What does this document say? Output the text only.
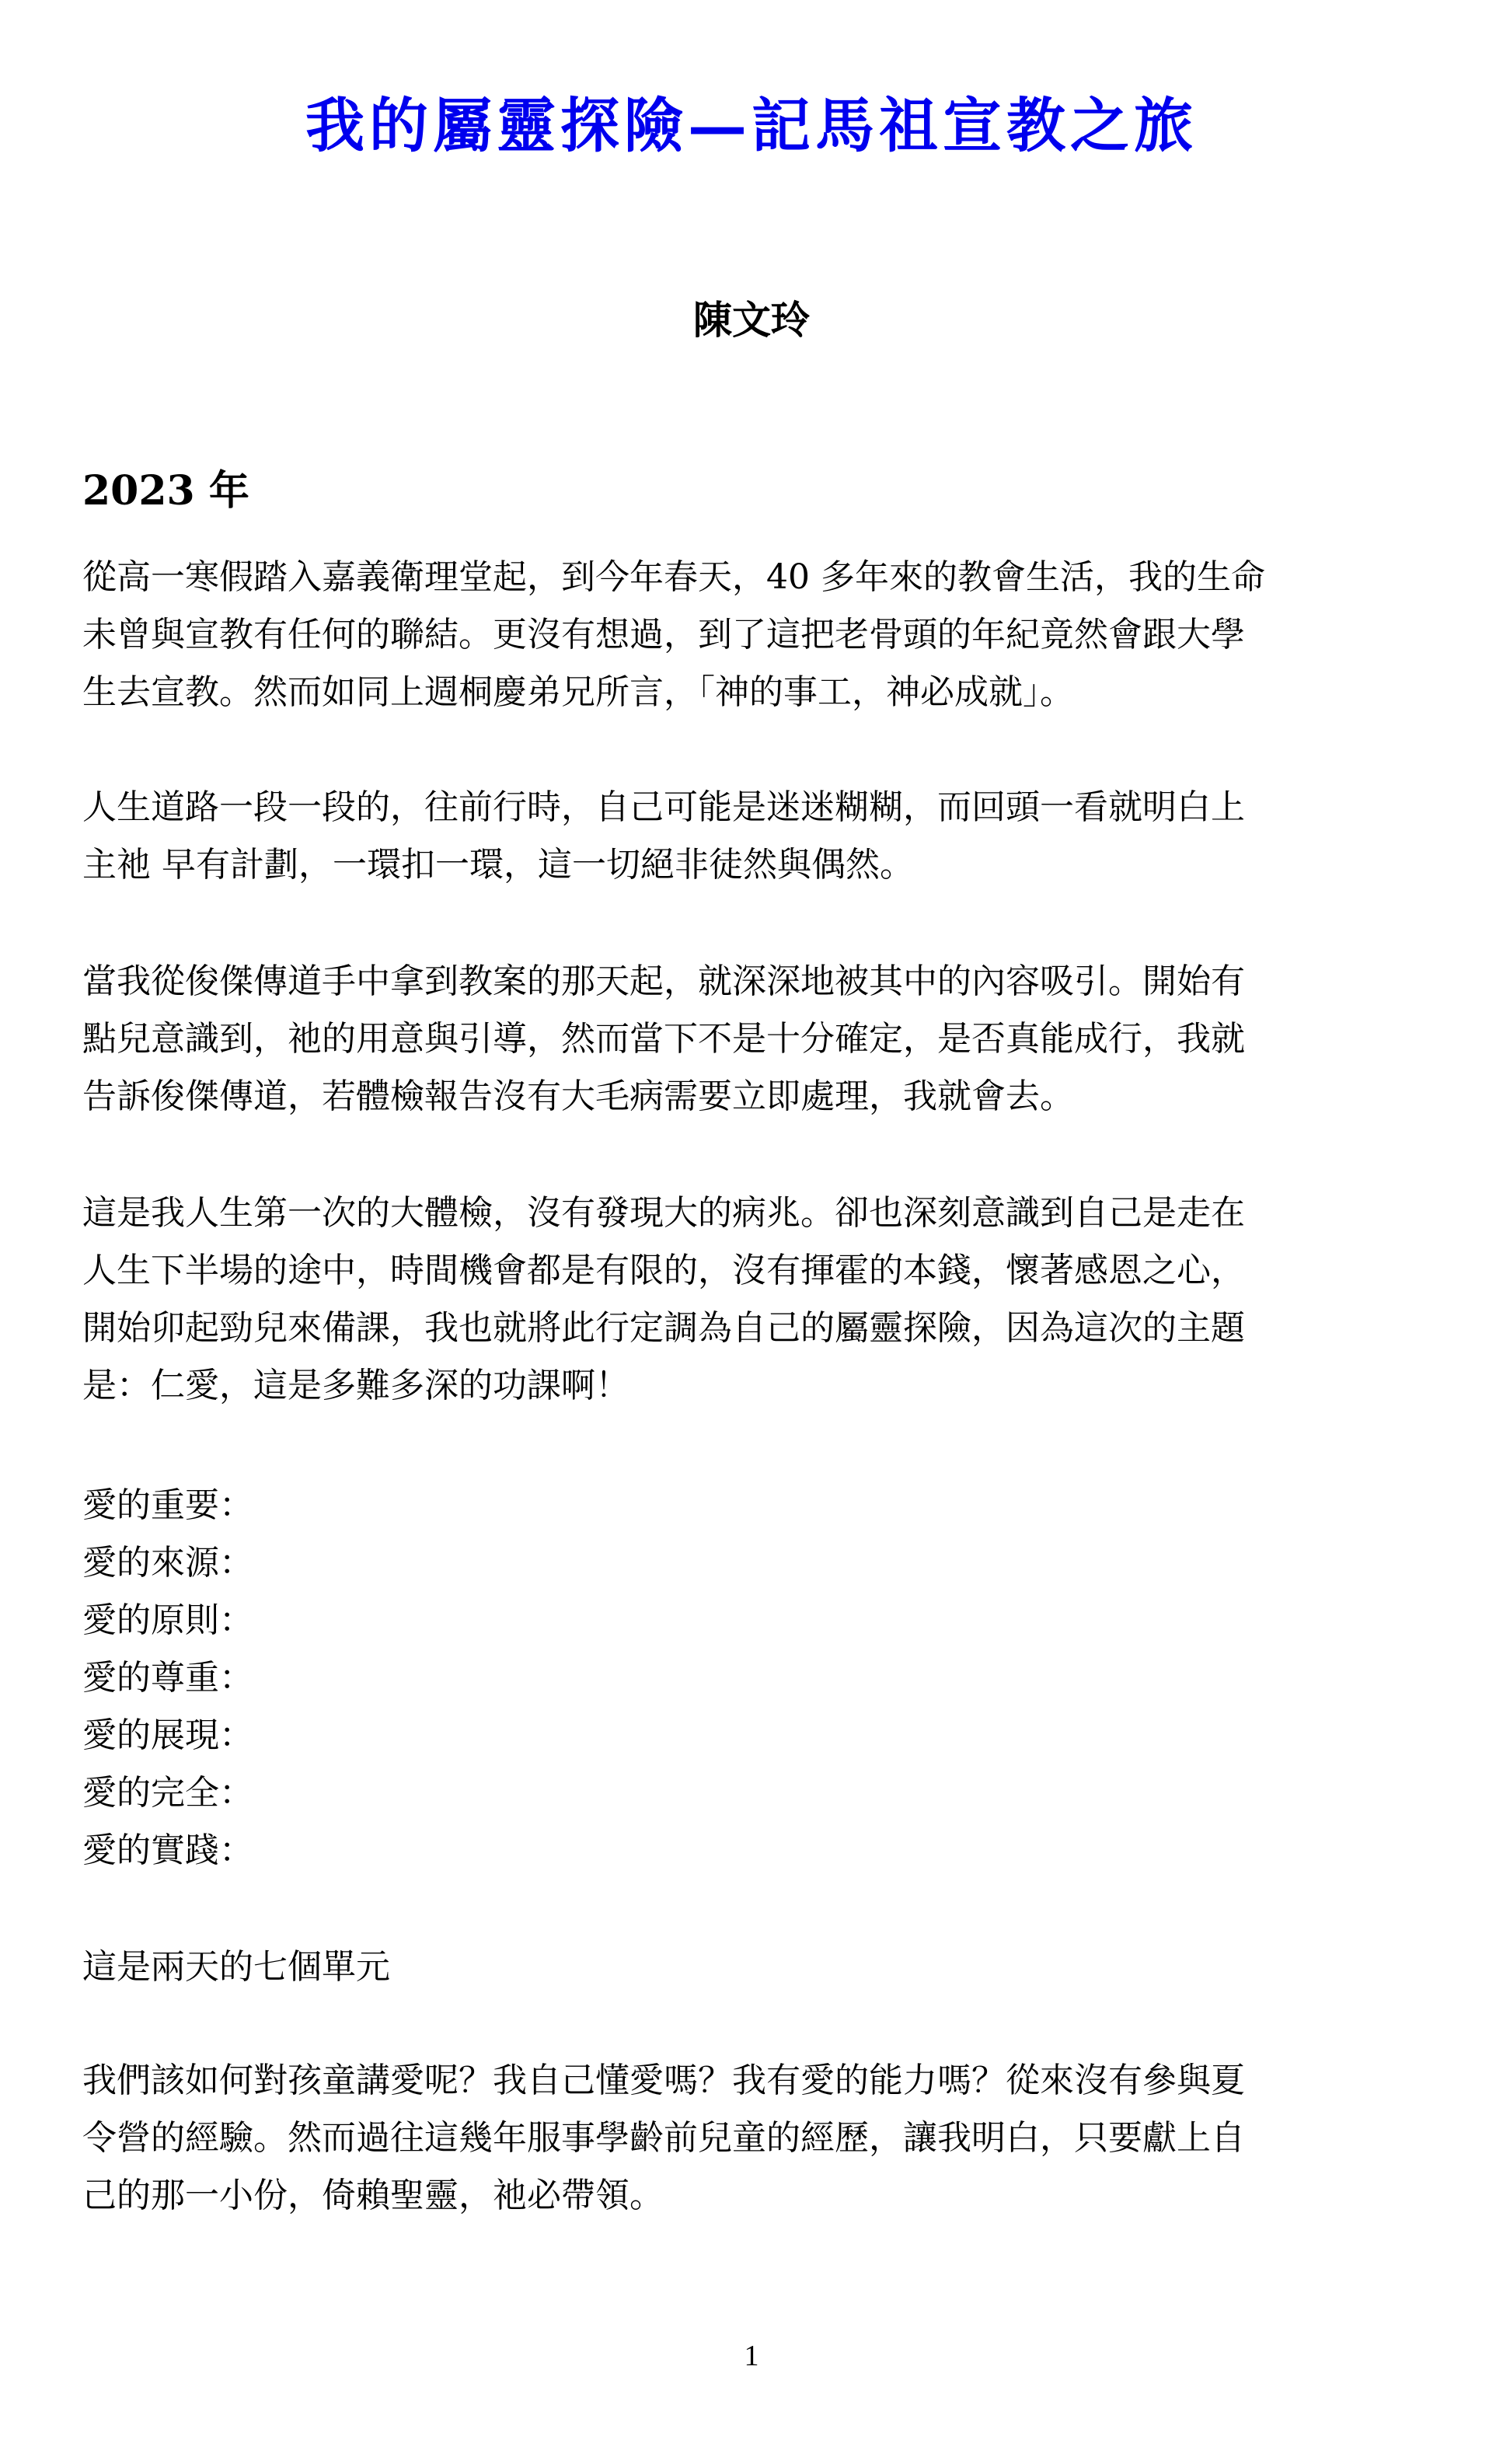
我的屬靈探險—記馬祖宣教之旅
陳文玲
2023 年

從高一寒假踏入嘉義衛理堂起，到今年春天，40 多年來的教會生活，我的生命
未曾與宣教有任何的聯結。更沒有想過，到了這把老骨頭的年紀竟然會跟大學
生去宣教。然而如同上週桐慶弟兄所言，「神的事工，神必成就」。

人生道路一段一段的，往前行時，自己可能是迷迷糊糊，而回頭一看就明白上
主祂 早有計劃，一環扣一環，這一切絕非徒然與偶然。

當我從俊傑傳道手中拿到教案的那天起，就深深地被其中的內容吸引。開始有
點兒意識到，祂的用意與引導，然而當下不是十分確定，是否真能成行，我就
告訴俊傑傳道，若體檢報告沒有大毛病需要立即處理，我就會去。

這是我人生第一次的大體檢，沒有發現大的病兆。卻也深刻意識到自己是走在
人生下半場的途中，時間機會都是有限的，沒有揮霍的本錢，懷著感恩之心，
開始卯起勁兒來備課，我也就將此行定調為自己的屬靈探險，因為這次的主題
是：仁愛，這是多難多深的功課啊！

愛的重要：
愛的來源：
愛的原則：
愛的尊重：
愛的展現：
愛的完全：
愛的實踐：

這是兩天的七個單元

我們該如何對孩童講愛呢？我自己懂愛嗎？我有愛的能力嗎？從來沒有參與夏
令營的經驗。然而過往這幾年服事學齡前兒童的經歷，讓我明白，只要獻上自
己的那一小份，倚賴聖靈，祂必帶領。

1
